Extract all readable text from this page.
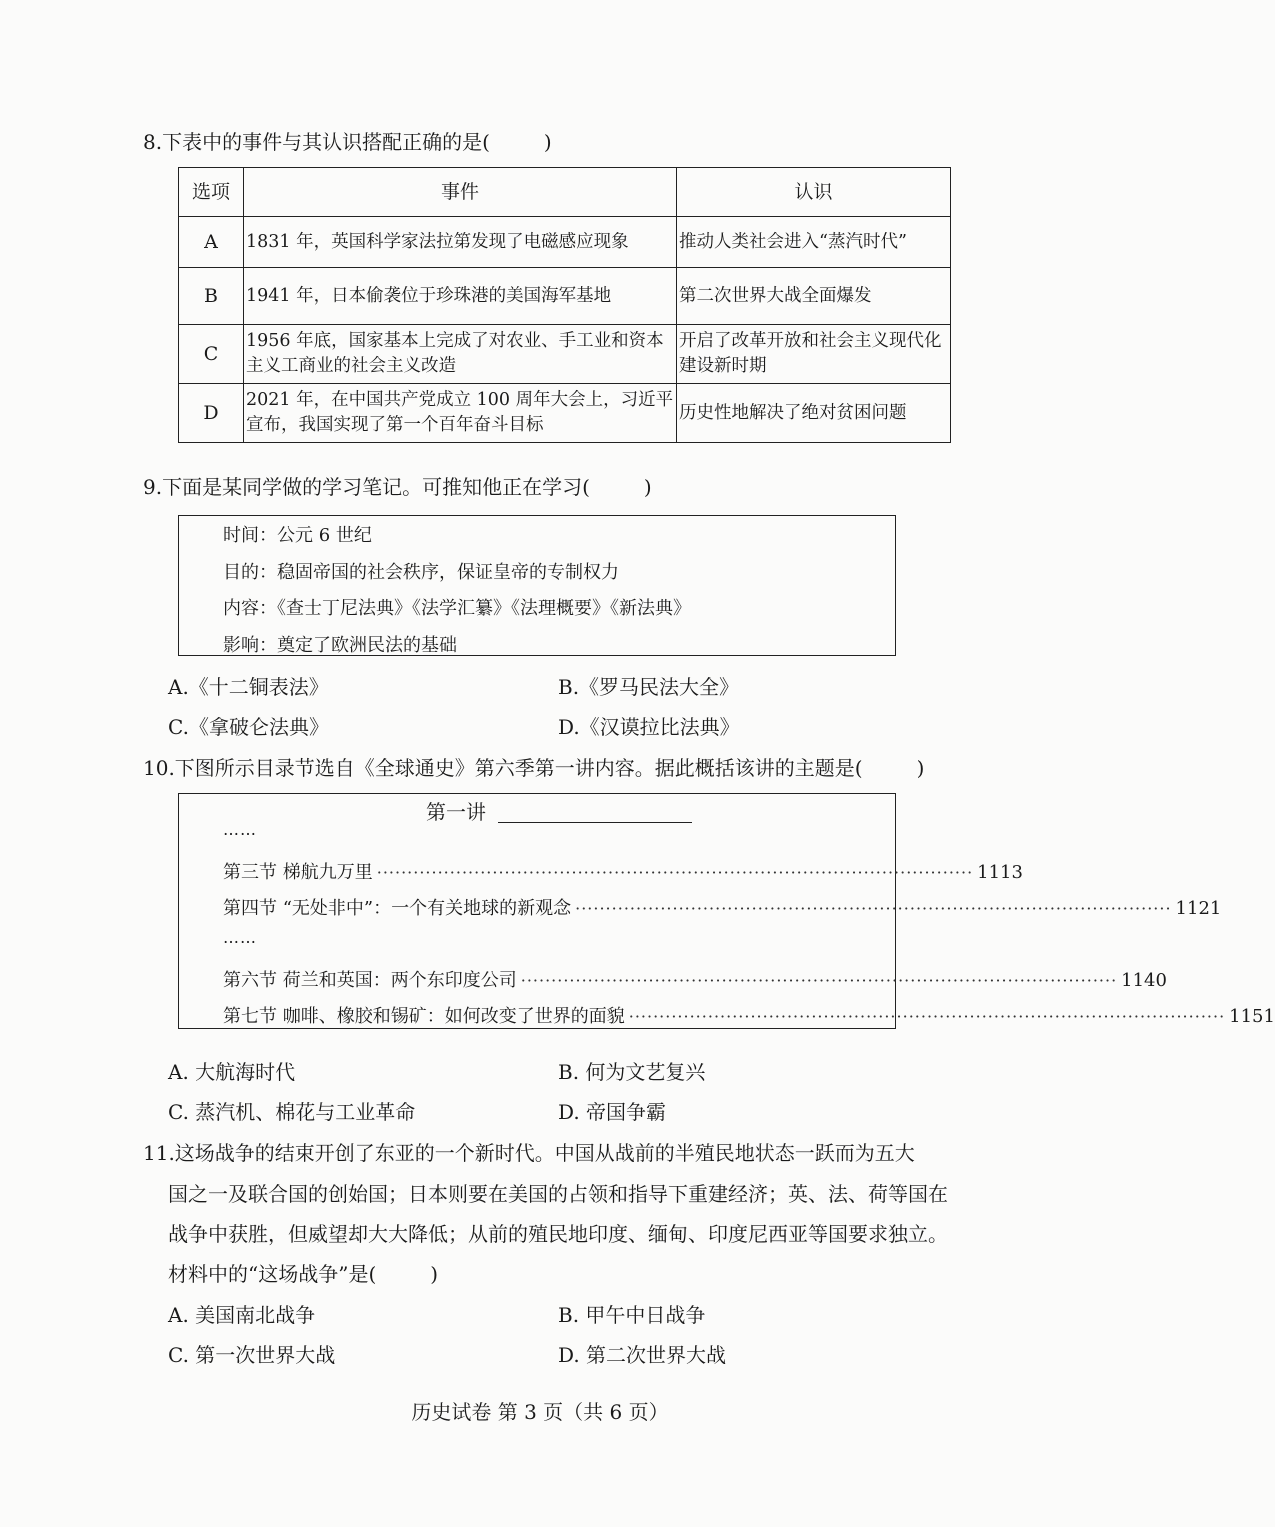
8.下表中的事件与其认识搭配正确的是(	)
选项	事件	认识
A	1831 年，英国科学家法拉第发现了电磁感应现象	推动人类社会进入“蒸汽时代”
B	1941 年，日本偷袭位于珍珠港的美国海军基地	第二次世界大战全面爆发
C	1956 年底，国家基本上完成了对农业、手工业和资本主义工商业的社会主义改造	开启了改革开放和社会主义现代化建设新时期
D	2021 年，在中国共产党成立 100 周年大会上，习近平宣布，我国实现了第一个百年奋斗目标	历史性地解决了绝对贫困问题
9.下面是某同学做的学习笔记。可推知他正在学习(	)
时间：公元 6 世纪
目的：稳固帝国的社会秩序，保证皇帝的专制权力
内容：《查士丁尼法典》《法学汇纂》《法理概要》《新法典》
影响：奠定了欧洲民法的基础
A.《十二铜表法》	B.《罗马民法大全》
C.《拿破仑法典》	D.《汉谟拉比法典》
10.下图所示目录节选自《全球通史》第六季第一讲内容。据此概括该讲的主题是(	)
第一讲
……
第三节 梯航九万里 ·································································································· 1113
第四节 “无处非中”：一个有关地球的新观念 ·································································································· 1121
……
第六节 荷兰和英国：两个东印度公司 ·································································································· 1140
第七节 咖啡、橡胶和锡矿：如何改变了世界的面貌 ·································································································· 1151
A. 大航海时代	B. 何为文艺复兴
C. 蒸汽机、棉花与工业革命	D. 帝国争霸
11.这场战争的结束开创了东亚的一个新时代。中国从战前的半殖民地状态一跃而为五大
国之一及联合国的创始国；日本则要在美国的占领和指导下重建经济；英、法、荷等国在
战争中获胜，但威望却大大降低；从前的殖民地印度、缅甸、印度尼西亚等国要求独立。
材料中的“这场战争”是(	)
A. 美国南北战争	B. 甲午中日战争
C. 第一次世界大战	D. 第二次世界大战
历史试卷 第 3 页（共 6 页）
